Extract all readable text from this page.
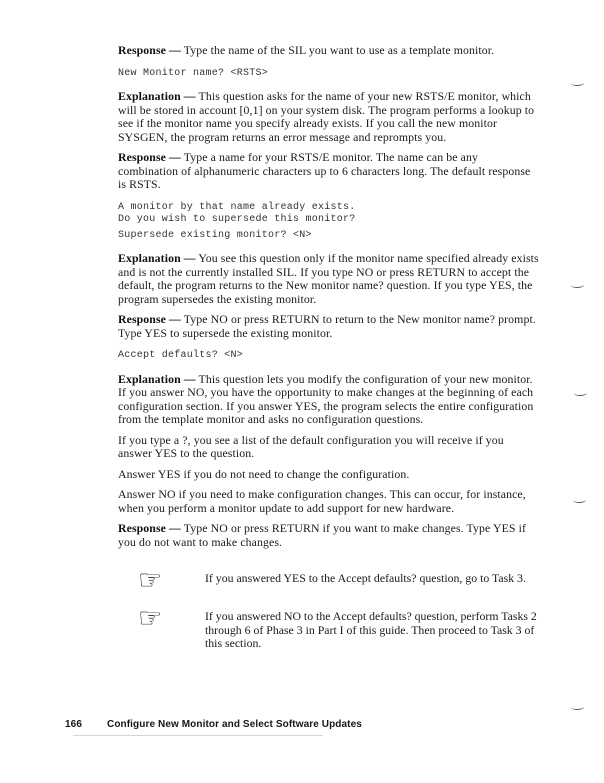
Response — Type the name of the SIL you want to use as a template monitor.

New Monitor name? <RSTS>

Explanation — This question asks for the name of your new RSTS/E monitor, which will be stored in account [0,1] on your system disk. The program performs a lookup to see if the monitor name you specify already exists. If you call the new monitor SYSGEN, the program returns an error message and reprompts you.

Response — Type a name for your RSTS/E monitor. The name can be any combination of alphanumeric characters up to 6 characters long. The default response is RSTS.

A monitor by that name already exists.
Do you wish to supersede this monitor?
Supersede existing monitor? <N>

Explanation — You see this question only if the monitor name specified already exists and is not the currently installed SIL. If you type NO or press RETURN to accept the default, the program returns to the New monitor name? question. If you type YES, the program supersedes the existing monitor.

Response — Type NO or press RETURN to return to the New monitor name? prompt. Type YES to supersede the existing monitor.

Accept defaults? <N>

Explanation — This question lets you modify the configuration of your new monitor. If you answer NO, you have the opportunity to make changes at the beginning of each configuration section. If you answer YES, the program selects the entire configuration from the template monitor and asks no configuration questions.

If you type a ?, you see a list of the default configuration you will receive if you answer YES to the question.

Answer YES if you do not need to change the configuration.

Answer NO if you need to make configuration changes. This can occur, for instance, when you perform a monitor update to add support for new hardware.

Response — Type NO or press RETURN if you want to make changes. Type YES if you do not want to make changes.

☞	If you answered YES to the Accept defaults? question, go to Task 3.
☞	If you answered NO to the Accept defaults? question, perform Tasks 2 through 6 of Phase 3 in Part I of this guide. Then proceed to Task 3 of this section.
166	Configure New Monitor and Select Software Updates
